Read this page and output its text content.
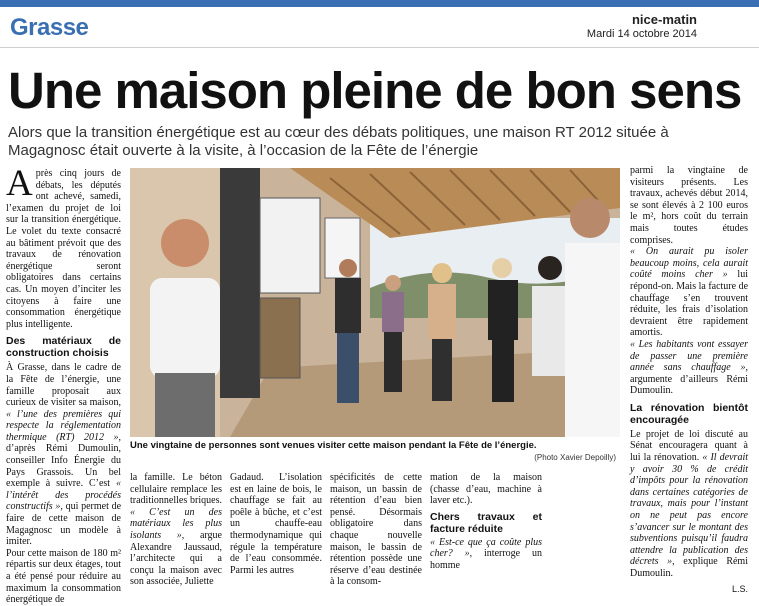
Grasse	nice-matin
Mardi 14 octobre 2014
Une maison pleine de bon sens
Alors que la transition énergétique est au cœur des débats politiques, une maison RT 2012 située à Magagnosc était ouverte à la visite, à l’occasion de la Fête de l’énergie

Après cinq jours de débats, les députés ont achevé, samedi, l’examen du projet de loi sur la transition énergétique. Le volet du texte consacré au bâtiment prévoit que des travaux de rénovation énergétique seront obligatoires dans certains cas. Un moyen d’inciter les citoyens à faire une consommation énergétique plus intelligente.

Des matériaux de construction choisis

À Grasse, dans le cadre de la Fête de l’énergie, une famille proposait aux curieux de visiter sa maison, « l’une des premières qui respecte la réglementation thermique (RT) 2012 », d’après Rémi Dumoulin, conseiller Info Énergie du Pays Grassois. Un bel exemple à suivre. C’est « l’intérêt des procédés constructifs », qui permet de faire de cette maison de Magagnosc un modèle à imiter.

Pour cette maison de 180 m² répartis sur deux étages, tout a été pensé pour réduire au maximum la consommation énergétique de

Une vingtaine de personnes sont venues visiter cette maison pendant la Fête de l’énergie.
(Photo Xavier Depoilly)

la famille. Le béton cellulaire remplace les traditionnelles briques. « C’est un des matériaux les plus isolants », argue Alexandre Jaussaud, l’architecte qui a conçu la maison avec son associée, Juliette

Gadaud. L’isolation est en laine de bois, le chauffage se fait au poêle à bûche, et c’est un chauffe-eau thermodynamique qui régule la température de l’eau consommée. Parmi les autres

spécificités de cette maison, un bassin de rétention d’eau bien pensé. Désormais obligatoire dans chaque nouvelle maison, le bassin de rétention possède une réserve d’eau destinée à la consom-

mation de la maison (chasse d’eau, machine à laver etc.).

Chers travaux et facture réduite

« Est-ce que ça coûte plus cher? », interroge un homme

parmi la vingtaine de visiteurs présents. Les travaux, achevés début 2014, se sont élevés à 2 100 euros le m², hors coût du terrain mais toutes études comprises.

« On aurait pu isoler beaucoup moins, cela aurait coûté moins cher » lui répond-on. Mais la facture de chauffage s’en trouvent réduite, les frais d’isolation devraient être rapidement amortis.

« Les habitants vont essayer de passer une première année sans chauffage », argumente d’ailleurs Rémi Dumoulin.

La rénovation bientôt encouragée

Le projet de loi discuté au Sénat encouragera quant à lui la rénovation. « Il devrait y avoir 30 % de crédit d’impôts pour la rénovation dans certaines catégories de travaux, mais pour l’instant on ne peut pas encore s’avancer sur le montant des subventions puisqu’il faudra attendre la publication des décrets », explique Rémi Dumoulin.

L.S.
